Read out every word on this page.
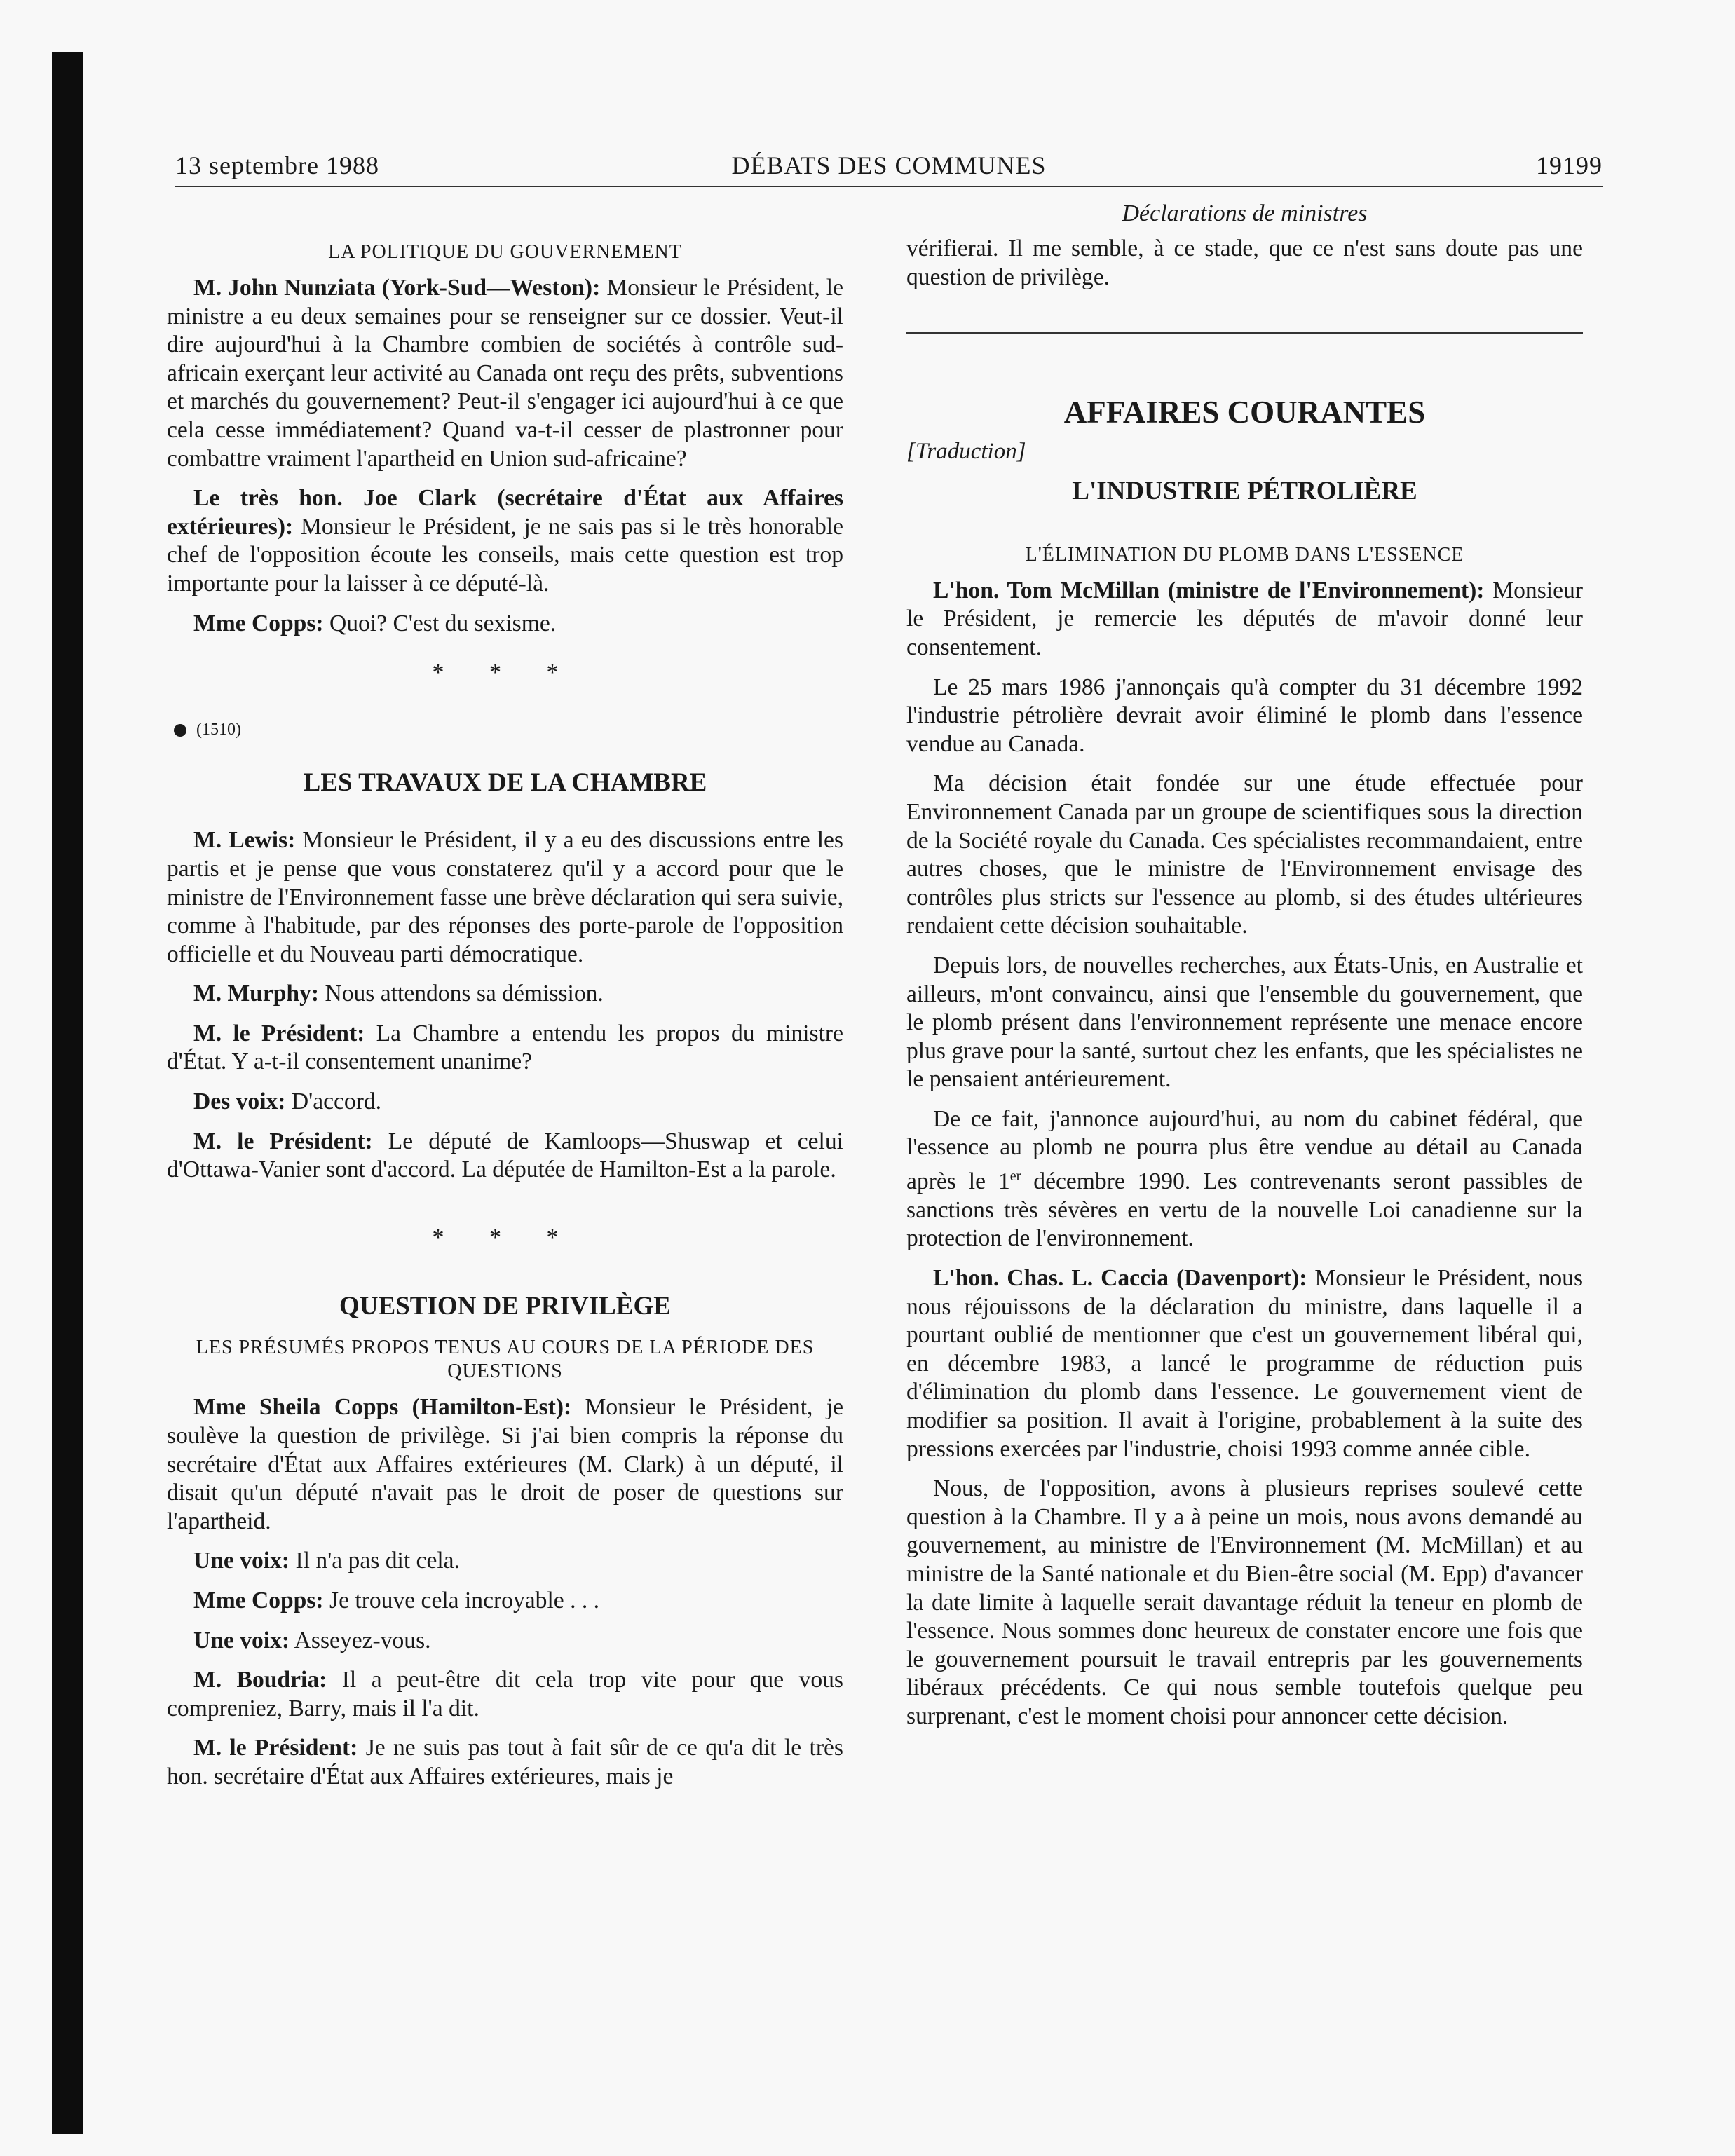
13 septembre 1988	DÉBATS DES COMMUNES	19199
LA POLITIQUE DU GOUVERNEMENT

M. John Nunziata (York-Sud—Weston): Monsieur le Président, le ministre a eu deux semaines pour se renseigner sur ce dossier. Veut-il dire aujourd'hui à la Chambre combien de sociétés à contrôle sud-africain exerçant leur activité au Canada ont reçu des prêts, subventions et marchés du gouvernement? Peut-il s'engager ici aujourd'hui à ce que cela cesse immédiatement? Quand va-t-il cesser de plastronner pour combattre vraiment l'apartheid en Union sud-africaine?

Le très hon. Joe Clark (secrétaire d'État aux Affaires extérieures): Monsieur le Président, je ne sais pas si le très honorable chef de l'opposition écoute les conseils, mais cette question est trop importante pour la laisser à ce député-là.

Mme Copps: Quoi? C'est du sexisme.

* * *
(1510)
LES TRAVAUX DE LA CHAMBRE

M. Lewis: Monsieur le Président, il y a eu des discussions entre les partis et je pense que vous constaterez qu'il y a accord pour que le ministre de l'Environnement fasse une brève déclaration qui sera suivie, comme à l'habitude, par des réponses des porte-parole de l'opposition officielle et du Nouveau parti démocratique.

M. Murphy: Nous attendons sa démission.

M. le Président: La Chambre a entendu les propos du ministre d'État. Y a-t-il consentement unanime?

Des voix: D'accord.

M. le Président: Le député de Kamloops—Shuswap et celui d'Ottawa-Vanier sont d'accord. La députée de Hamilton-Est a la parole.

* * *
QUESTION DE PRIVILÈGE
LES PRÉSUMÉS PROPOS TENUS AU COURS DE LA PÉRIODE DES QUESTIONS

Mme Sheila Copps (Hamilton-Est): Monsieur le Président, je soulève la question de privilège. Si j'ai bien compris la réponse du secrétaire d'État aux Affaires extérieures (M. Clark) à un député, il disait qu'un député n'avait pas le droit de poser de questions sur l'apartheid.

Une voix: Il n'a pas dit cela.

Mme Copps: Je trouve cela incroyable . . .

Une voix: Asseyez-vous.

M. Boudria: Il a peut-être dit cela trop vite pour que vous compreniez, Barry, mais il l'a dit.

M. le Président: Je ne suis pas tout à fait sûr de ce qu'a dit le très hon. secrétaire d'État aux Affaires extérieures, mais je

Déclarations de ministres

vérifierai. Il me semble, à ce stade, que ce n'est sans doute pas une question de privilège.

AFFAIRES COURANTES
[Traduction]
L'INDUSTRIE PÉTROLIÈRE
L'ÉLIMINATION DU PLOMB DANS L'ESSENCE

L'hon. Tom McMillan (ministre de l'Environnement): Monsieur le Président, je remercie les députés de m'avoir donné leur consentement.

Le 25 mars 1986 j'annonçais qu'à compter du 31 décembre 1992 l'industrie pétrolière devrait avoir éliminé le plomb dans l'essence vendue au Canada.

Ma décision était fondée sur une étude effectuée pour Environnement Canada par un groupe de scientifiques sous la direction de la Société royale du Canada. Ces spécialistes recommandaient, entre autres choses, que le ministre de l'Environnement envisage des contrôles plus stricts sur l'essence au plomb, si des études ultérieures rendaient cette décision souhaitable.

Depuis lors, de nouvelles recherches, aux États-Unis, en Australie et ailleurs, m'ont convaincu, ainsi que l'ensemble du gouvernement, que le plomb présent dans l'environnement représente une menace encore plus grave pour la santé, surtout chez les enfants, que les spécialistes ne le pensaient antérieurement.

De ce fait, j'annonce aujourd'hui, au nom du cabinet fédéral, que l'essence au plomb ne pourra plus être vendue au détail au Canada après le 1er décembre 1990. Les contrevenants seront passibles de sanctions très sévères en vertu de la nouvelle Loi canadienne sur la protection de l'environnement.

L'hon. Chas. L. Caccia (Davenport): Monsieur le Président, nous nous réjouissons de la déclaration du ministre, dans laquelle il a pourtant oublié de mentionner que c'est un gouvernement libéral qui, en décembre 1983, a lancé le programme de réduction puis d'élimination du plomb dans l'essence. Le gouvernement vient de modifier sa position. Il avait à l'origine, probablement à la suite des pressions exercées par l'industrie, choisi 1993 comme année cible.

Nous, de l'opposition, avons à plusieurs reprises soulevé cette question à la Chambre. Il y a à peine un mois, nous avons demandé au gouvernement, au ministre de l'Environnement (M. McMillan) et au ministre de la Santé nationale et du Bien-être social (M. Epp) d'avancer la date limite à laquelle serait davantage réduit la teneur en plomb de l'essence. Nous sommes donc heureux de constater encore une fois que le gouvernement poursuit le travail entrepris par les gouvernements libéraux précédents. Ce qui nous semble toutefois quelque peu surprenant, c'est le moment choisi pour annoncer cette décision.
